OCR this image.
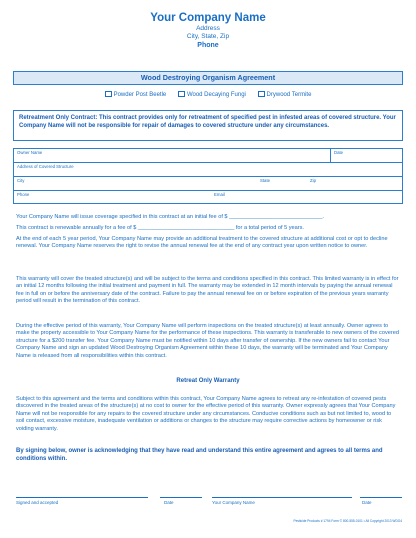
Your Company Name
Address
City, State, Zip
Phone
Wood Destroying Organism Agreement
Powder Post Beetle	Wood Decaying Fungi	Drywood Termite
Retreatment Only Contract: This contract provides only for retreatment of specified pest in infested areas of covered structure. Your Company Name will not be responsible for repair of damages to covered structure under any circumstances.
Owner Name	Date
Address of Covered Structure
City	State	Zip
Phone	Email
Your Company Name will issue coverage specified in this contract at an initial fee of $ ______________________________.
This contract is renewable annually for a fee of $ _______________________________ for a total period of 5 years.
At the end of each 5 year period, Your Company Name may provide an additional treatment to the covered structure at additional cost or opt to decline renewal. Your Company Name reserves the right to revise the annual renewal fee at the end of any contract year upon written notice to owner.
This warranty will cover the treated structure(s) and will be subject to the terms and conditions specified in this contract. This limited warranty is in effect for an initial 12 months following the initial treatment and payment in full. The warranty may be extended in 12 month intervals by paying the annual renewal fee in full on or before the anniversary date of the contract. Failure to pay the annual renewal fee on or before expiration of the previous years warranty period will result in the termination of this contract.
During the effective period of this warranty, Your Company Name will perform inspections on the treated structure(s) at least annually. Owner agrees to make the property accessible to Your Company Name for the performance of these inspections. This warranty is transferable to new owners of the covered structure for a $200 transfer fee. Your Company Name must be notified within 10 days after transfer of ownership. If the new owners fail to contact Your Company Name and sign an updated Wood Destroying Organism Agreement within these 10 days, the warranty will be terminated and Your Company Name is released from all responsibilities within this contract.
Retreat Only Warranty
Subject to this agreement and the terms and conditions within this contract, Your Company Name agrees to retreat any re-infestation of covered pests discovered in the treated areas of the structure(s) at no cost to owner for the effective period of this warranty. Owner expressly agrees that Your Company Name will not be responsible for any repairs to the covered structure under any circumstances. Conducive conditions such as but not limited to, wood to soil contact, excessive moisture, inadequate ventilation or additions or changes to the structure may require corrective actions by homeowner or risk voiding warranty.
By signing below, owner is acknowledging that they have read and understand this entire agreement and agrees to all terms and conditions within.
Signed and accepted	Date	Your Company Name	Date
Pesticide Products # 1794 Form © 800-555-0101 • All Copyright 2013 WDO4
